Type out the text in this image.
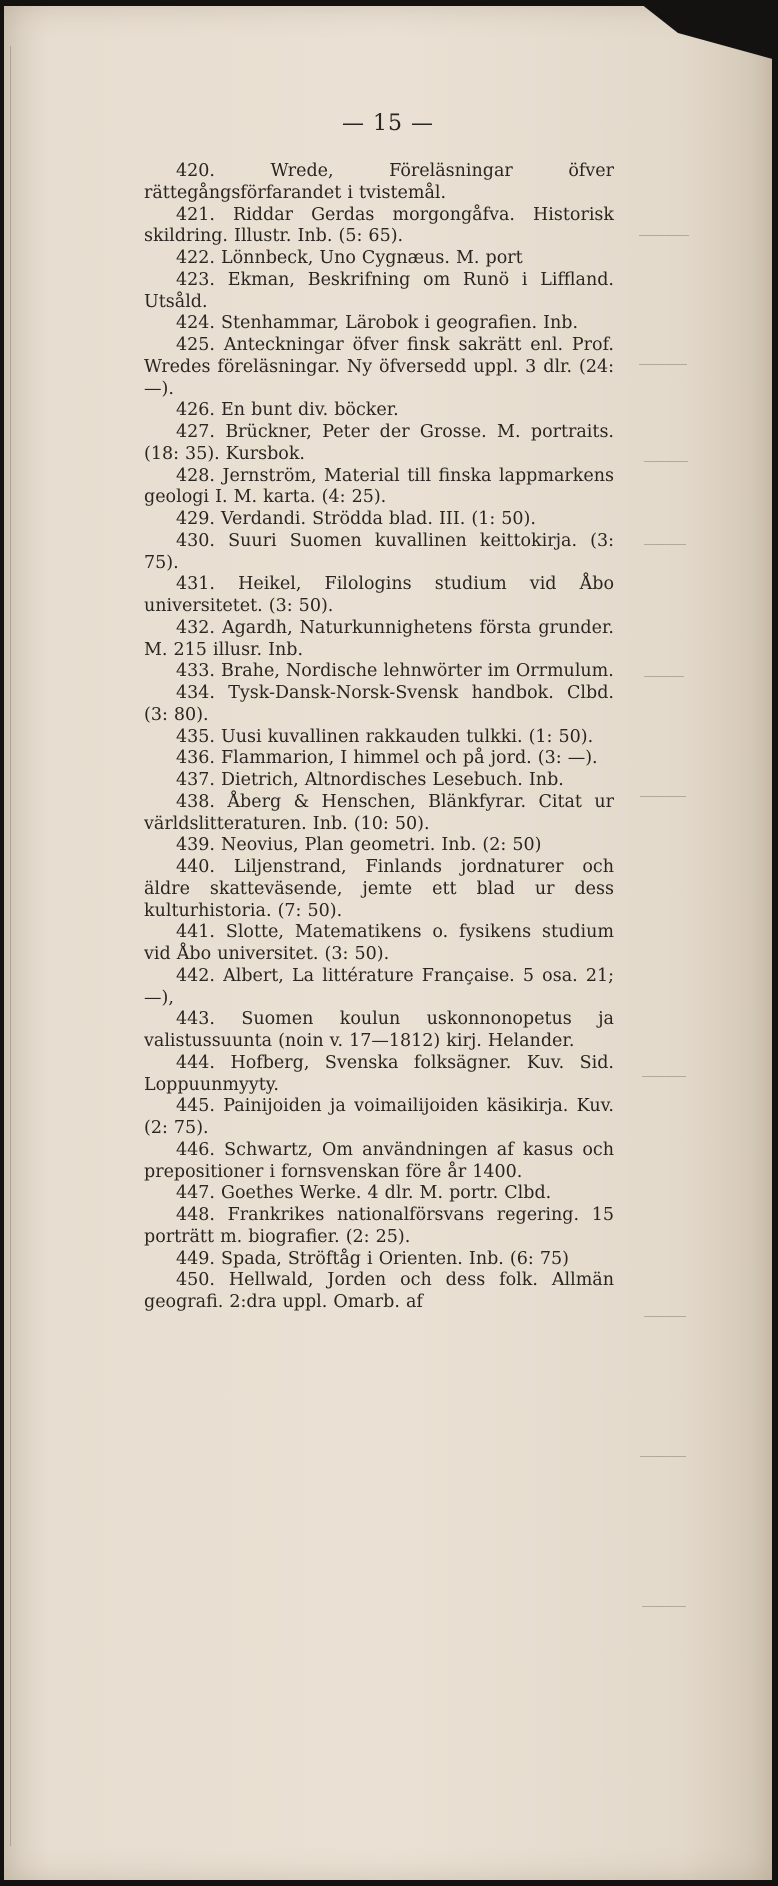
— 15 —

420. Wrede, Föreläsningar öfver rättegångsförfarandet i tvistemål.

421. Riddar Gerdas morgongåfva. Historisk skildring. Illustr. Inb. (5: 65).

422. Lönnbeck, Uno Cygnæus. M. port

423. Ekman, Beskrifning om Runö i Liffland. Utsåld.

424. Stenhammar, Lärobok i geografien. Inb.

425. Anteckningar öfver finsk sakrätt enl. Prof. Wredes föreläsningar. Ny öfversedd uppl. 3 dlr. (24: —).

426. En bunt div. böcker.

427. Brückner, Peter der Grosse. M. portraits. (18: 35). Kursbok.

428. Jernström, Material till finska lappmarkens geologi I. M. karta. (4: 25).

429. Verdandi. Strödda blad. III. (1: 50).

430. Suuri Suomen kuvallinen keittokirja. (3: 75).

431. Heikel, Filologins studium vid Åbo universitetet. (3: 50).

432. Agardh, Naturkunnighetens första grunder. M. 215 illusr. Inb.

433. Brahe, Nordische lehnwörter im Orrmulum.

434. Tysk-Dansk-Norsk-Svensk handbok. Clbd. (3: 80).

435. Uusi kuvallinen rakkauden tulkki. (1: 50).

436. Flammarion, I himmel och på jord. (3: —).

437. Dietrich, Altnordisches Lesebuch. Inb.

438. Åberg & Henschen, Blänkfyrar. Citat ur världslitteraturen. Inb. (10: 50).

439. Neovius, Plan geometri. Inb. (2: 50)

440. Liljenstrand, Finlands jordnaturer och äldre skatteväsende, jemte ett blad ur dess kulturhistoria. (7: 50).

441. Slotte, Matematikens o. fysikens studium vid Åbo universitet. (3: 50).

442. Albert, La littérature Française. 5 osa. 21; —),

443. Suomen koulun uskonnonopetus ja valistussuunta (noin v. 17—1812) kirj. Helander.

444. Hofberg, Svenska folksägner. Kuv. Sid. Loppuunmyyty.

445. Painijoiden ja voimailijoiden käsikirja. Kuv. (2: 75).

446. Schwartz, Om användningen af kasus och prepositioner i fornsvenskan före år 1400.

447. Goethes Werke. 4 dlr. M. portr. Clbd.

448. Frankrikes nationalförsvans regering. 15 porträtt m. biografier. (2: 25).

449. Spada, Ströftåg i Orienten. Inb. (6: 75)

450. Hellwald, Jorden och dess folk. Allmän geografi. 2:dra uppl. Omarb. af
